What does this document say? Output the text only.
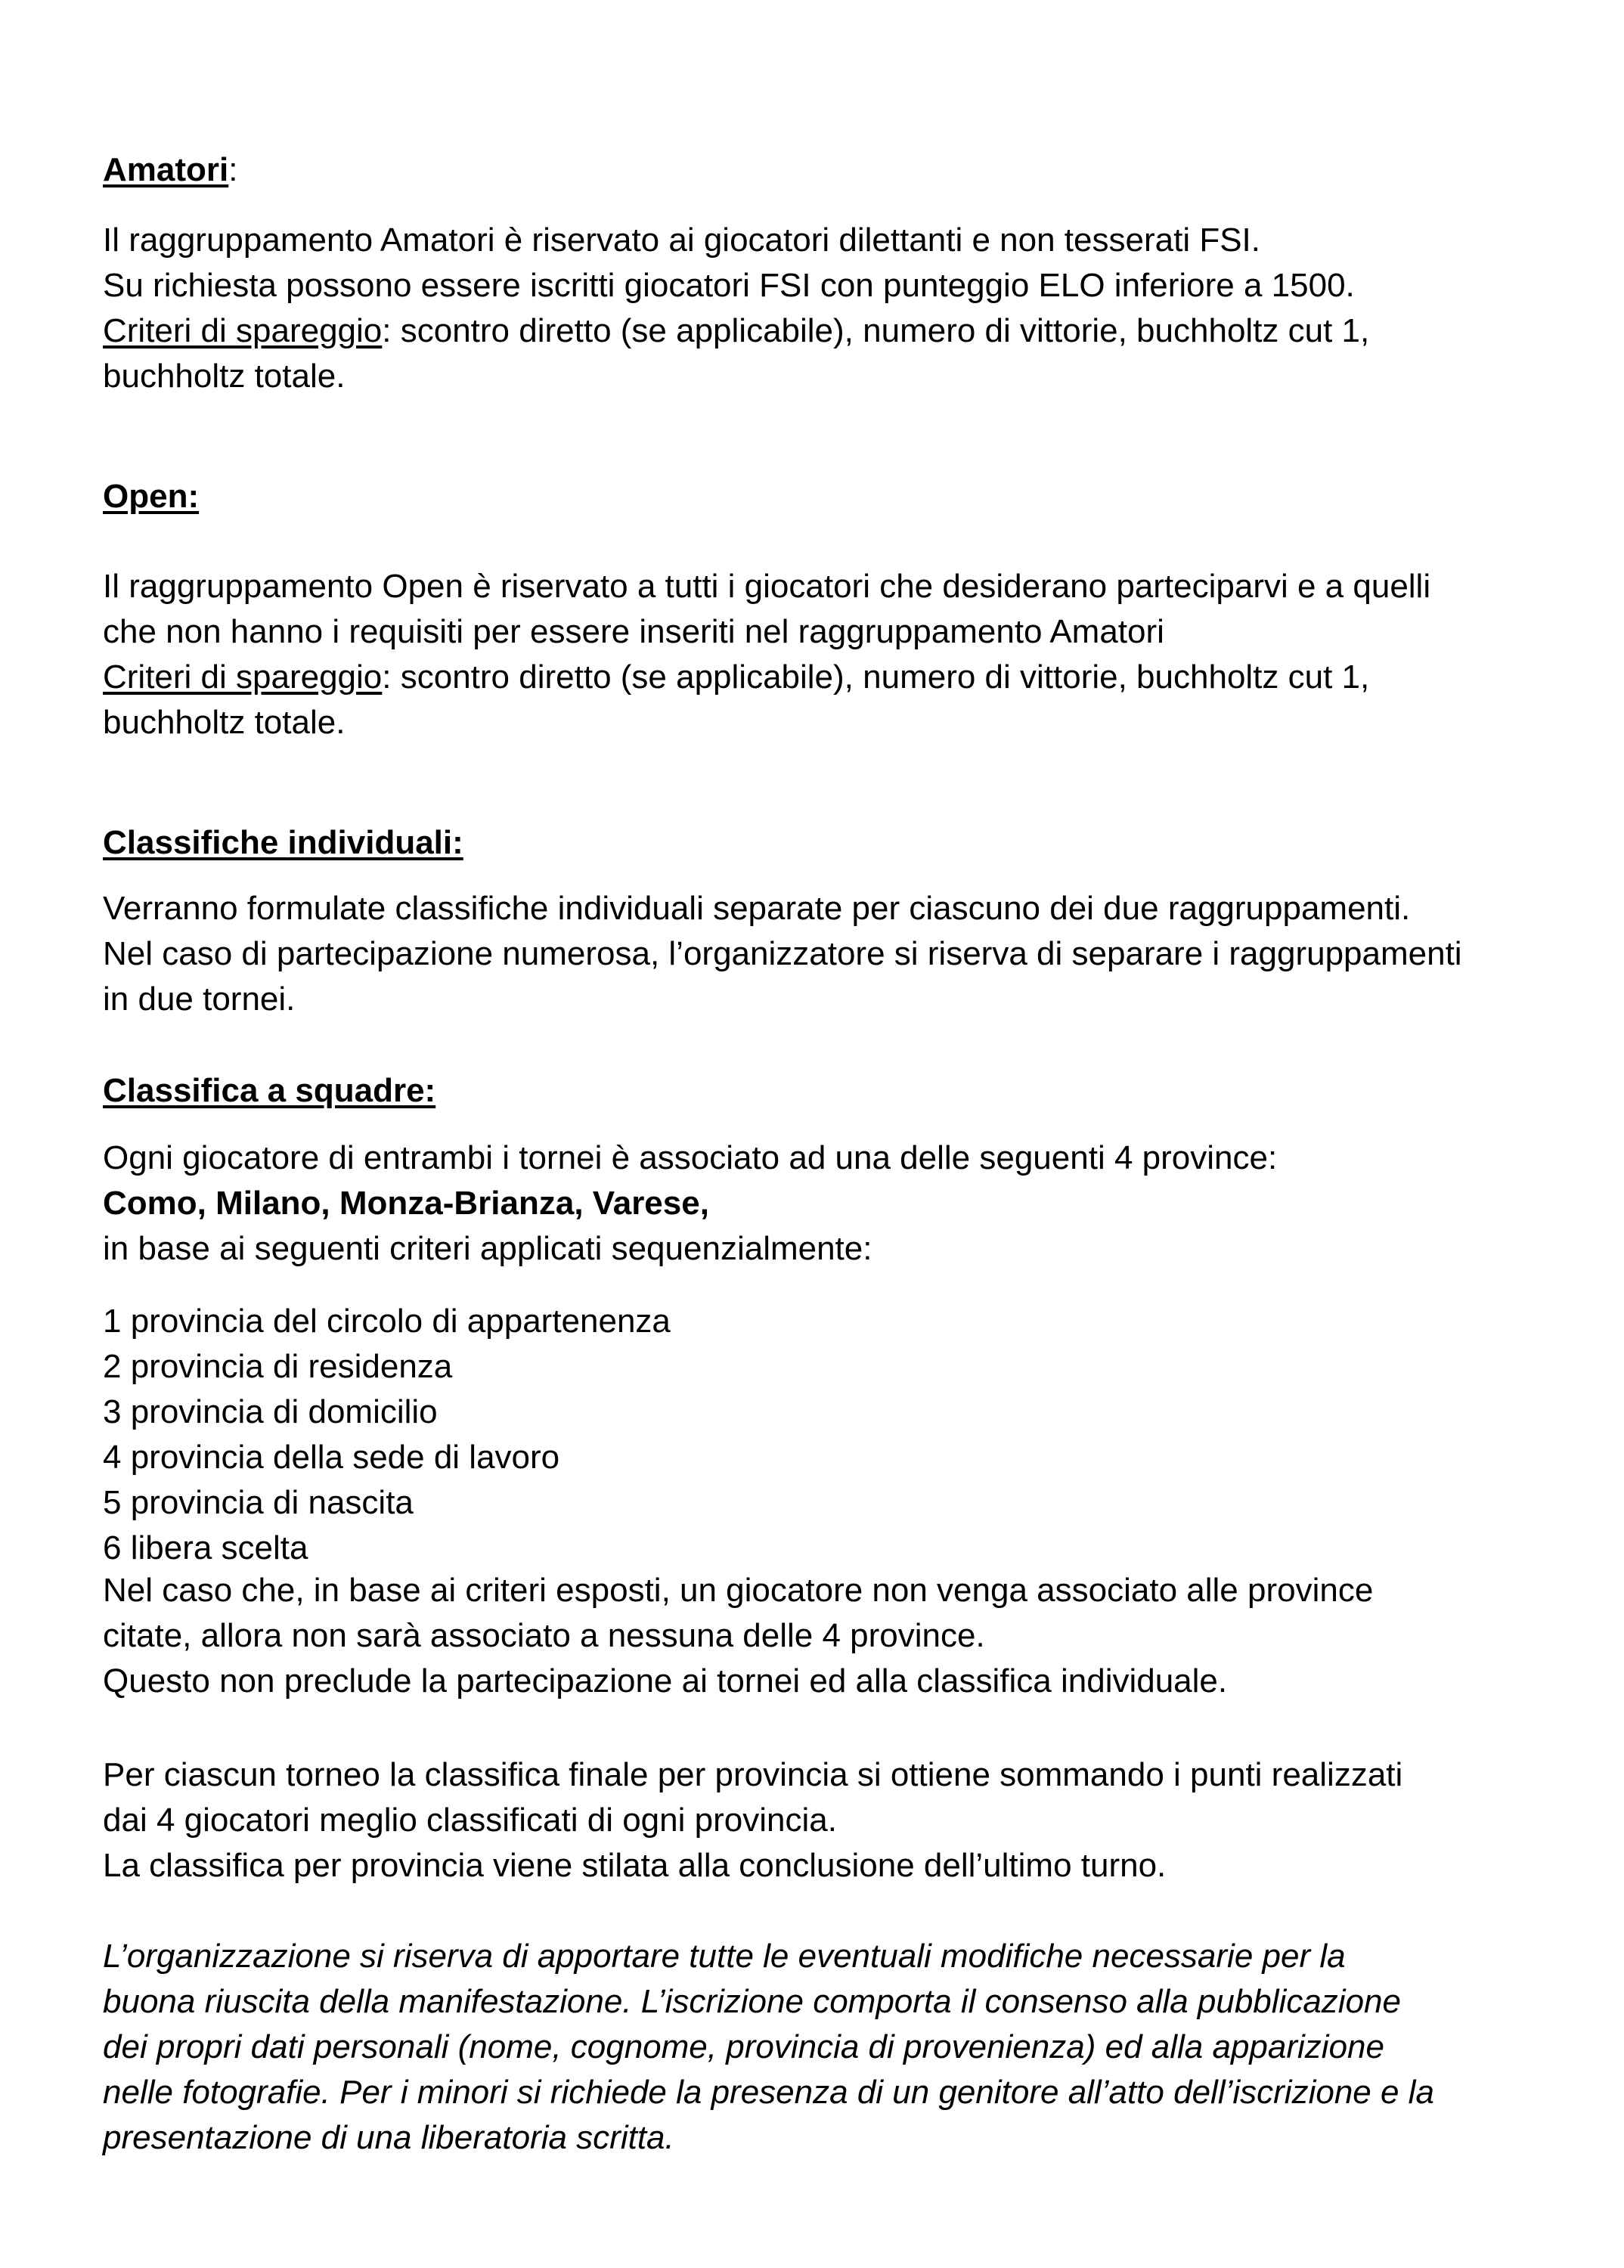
Amatori:
Il raggruppamento Amatori è riservato ai giocatori dilettanti e non tesserati FSI.
Su richiesta possono essere iscritti giocatori FSI con punteggio ELO inferiore a 1500.
Criteri di spareggio: scontro diretto (se applicabile), numero di vittorie, buchholtz cut 1,
buchholtz totale.
Open:
Il raggruppamento Open è riservato a tutti i giocatori che desiderano parteciparvi e a quelli
che non hanno i requisiti per essere inseriti nel raggruppamento Amatori
Criteri di spareggio: scontro diretto (se applicabile), numero di vittorie, buchholtz cut 1,
buchholtz totale.
Classifiche individuali:
Verranno formulate classifiche individuali separate per ciascuno dei due raggruppamenti.
Nel caso di partecipazione numerosa, l’organizzatore si riserva di separare i raggruppamenti
in due tornei.
Classifica a squadre:
Ogni giocatore di entrambi i tornei è associato ad una delle seguenti 4 province:
Como, Milano, Monza-Brianza, Varese,
in base ai seguenti criteri applicati sequenzialmente:
1 provincia del circolo di appartenenza
2 provincia di residenza
3 provincia di domicilio
4 provincia della sede di lavoro
5 provincia di nascita
6 libera scelta
Nel caso che, in base ai criteri esposti, un giocatore non venga associato alle province
citate, allora non sarà associato a nessuna delle 4 province.
Questo non preclude la partecipazione ai tornei ed alla classifica individuale.
Per ciascun torneo la classifica finale per provincia si ottiene sommando i punti realizzati
dai 4 giocatori meglio classificati di ogni provincia.
La classifica per provincia viene stilata alla conclusione dell’ultimo turno.
L’organizzazione si riserva di apportare tutte le eventuali modifiche necessarie per la
buona riuscita della manifestazione. L’iscrizione comporta il consenso alla pubblicazione
dei propri dati personali (nome, cognome, provincia di provenienza) ed alla apparizione
nelle fotografie. Per i minori si richiede la presenza di un genitore all’atto dell’iscrizione e la
presentazione di una liberatoria scritta.
